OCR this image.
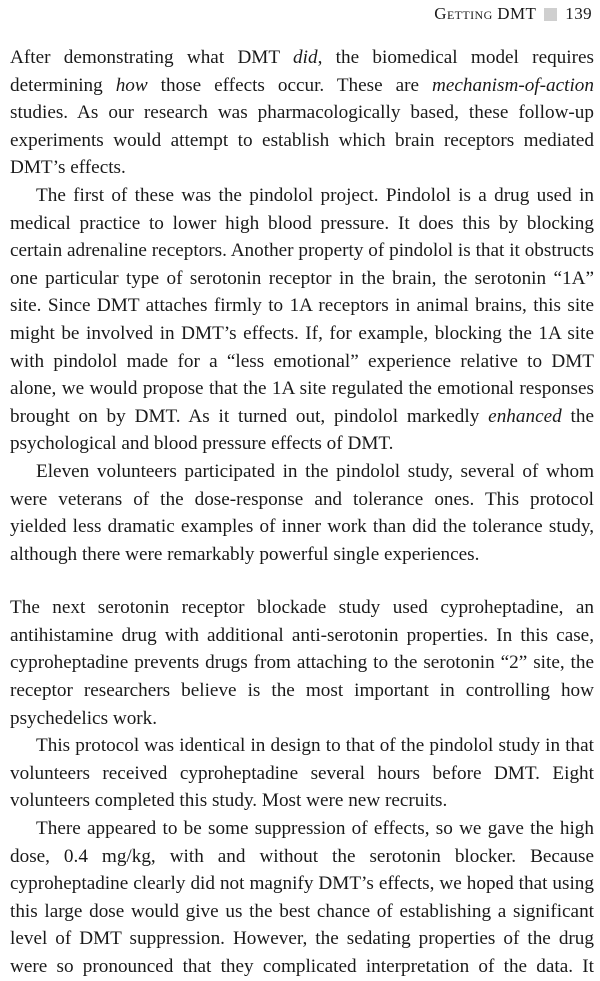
Getting DMT 139

After demonstrating what DMT did, the biomedical model requires determining how those effects occur. These are mechanism-of-action studies. As our research was pharmacologically based, these follow-up experiments would attempt to establish which brain receptors mediated DMT’s effects.

The first of these was the pindolol project. Pindolol is a drug used in medical practice to lower high blood pressure. It does this by blocking certain adrenaline receptors. Another property of pindolol is that it obstructs one particular type of serotonin receptor in the brain, the serotonin “1A” site. Since DMT attaches firmly to 1A receptors in animal brains, this site might be involved in DMT’s effects. If, for example, blocking the 1A site with pindolol made for a “less emotional” experience relative to DMT alone, we would propose that the 1A site regulated the emotional responses brought on by DMT. As it turned out, pindolol markedly enhanced the psychological and blood pressure effects of DMT.

Eleven volunteers participated in the pindolol study, several of whom were veterans of the dose-response and tolerance ones. This protocol yielded less dramatic examples of inner work than did the tolerance study, although there were remarkably powerful single experiences.

The next serotonin receptor blockade study used cyproheptadine, an antihistamine drug with additional anti-serotonin properties. In this case, cyproheptadine prevents drugs from attaching to the serotonin “2” site, the receptor researchers believe is the most important in controlling how psychedelics work.

This protocol was identical in design to that of the pindolol study in that volunteers received cyproheptadine several hours before DMT. Eight volunteers completed this study. Most were new recruits.

There appeared to be some suppression of effects, so we gave the high dose, 0.4 mg/kg, with and without the serotonin blocker. Because cyproheptadine clearly did not magnify DMT’s effects, we hoped that using this large dose would give us the best chance of establishing a significant level of DMT suppression. However, the sedating properties of the drug were so pronounced that they complicated interpretation of the data. It
